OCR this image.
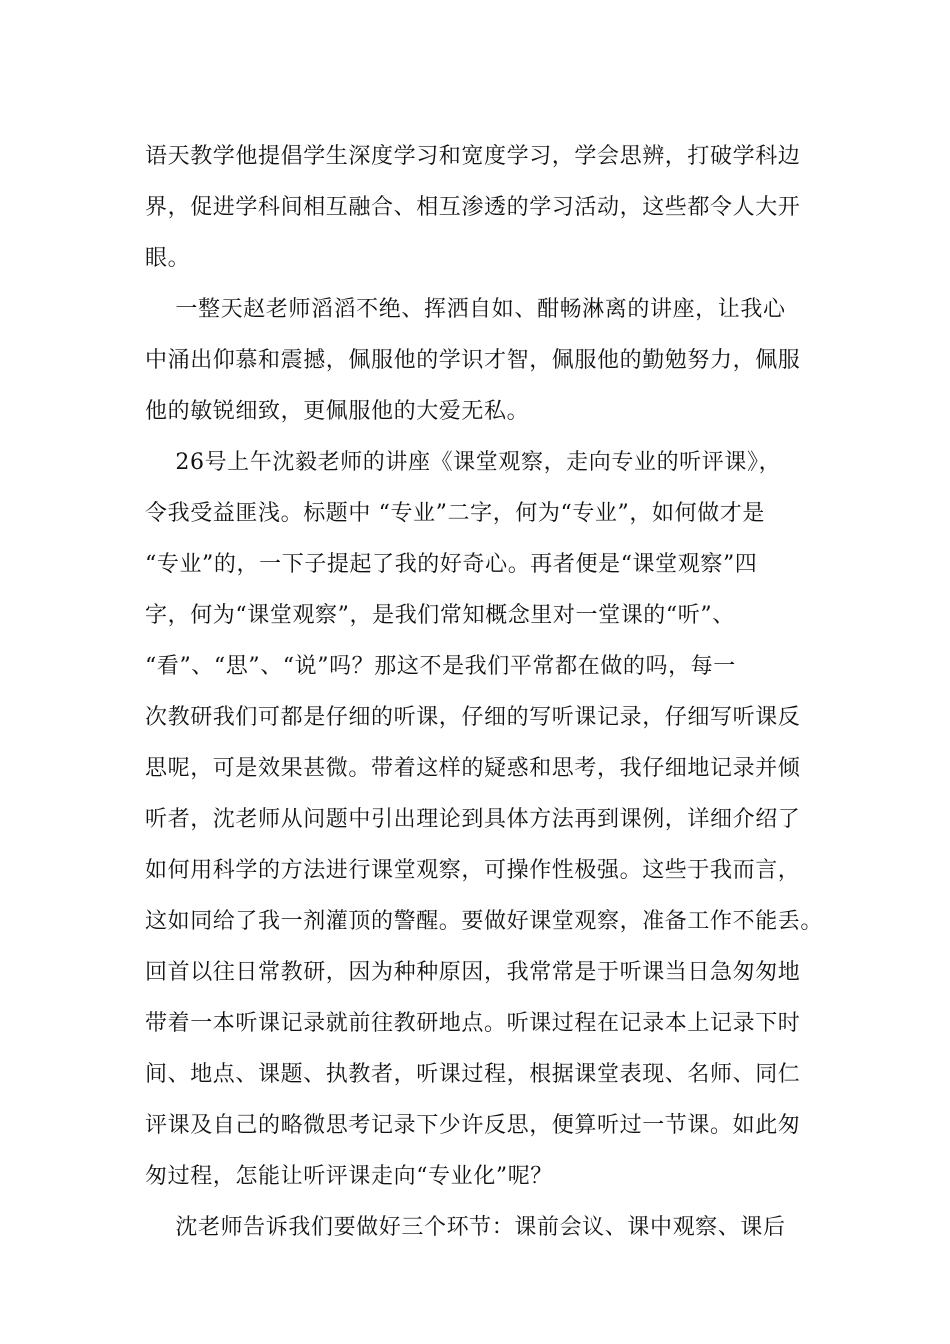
语天教学他提倡学生深度学习和宽度学习，学会思辨，打破学科边
界，促进学科间相互融合、相互渗透的学习活动，这些都令人大开
眼。
一整天赵老师滔滔不绝、挥洒自如、酣畅淋离的讲座，让我心
中涌出仰慕和震撼，佩服他的学识才智，佩服他的勤勉努力，佩服
他的敏锐细致，更佩服他的大爱无私。
26号上午沈毅老师的讲座《课堂观察，走向专业的听评课》，
令我受益匪浅。标题中 “专业”二字，何为“专业”，如何做才是
“专业”的，一下子提起了我的好奇心。再者便是“课堂观察”四
字，何为“课堂观察”，是我们常知概念里对一堂课的“听”、
“看”、“思”、“说”吗？那这不是我们平常都在做的吗，每一
次教研我们可都是仔细的听课，仔细的写听课记录，仔细写听课反
思呢，可是效果甚微。带着这样的疑惑和思考，我仔细地记录并倾
听者，沈老师从问题中引出理论到具体方法再到课例，详细介绍了
如何用科学的方法进行课堂观察，可操作性极强。这些于我而言，
这如同给了我一剂灌顶的警醒。要做好课堂观察，准备工作不能丢。
回首以往日常教研，因为种种原因，我常常是于听课当日急匆匆地
带着一本听课记录就前往教研地点。听课过程在记录本上记录下时
间、地点、课题、执教者，听课过程，根据课堂表现、名师、同仁
评课及自己的略微思考记录下少许反思，便算听过一节课。如此匆
匆过程，怎能让听评课走向“专业化”呢？
沈老师告诉我们要做好三个环节：课前会议、课中观察、课后
